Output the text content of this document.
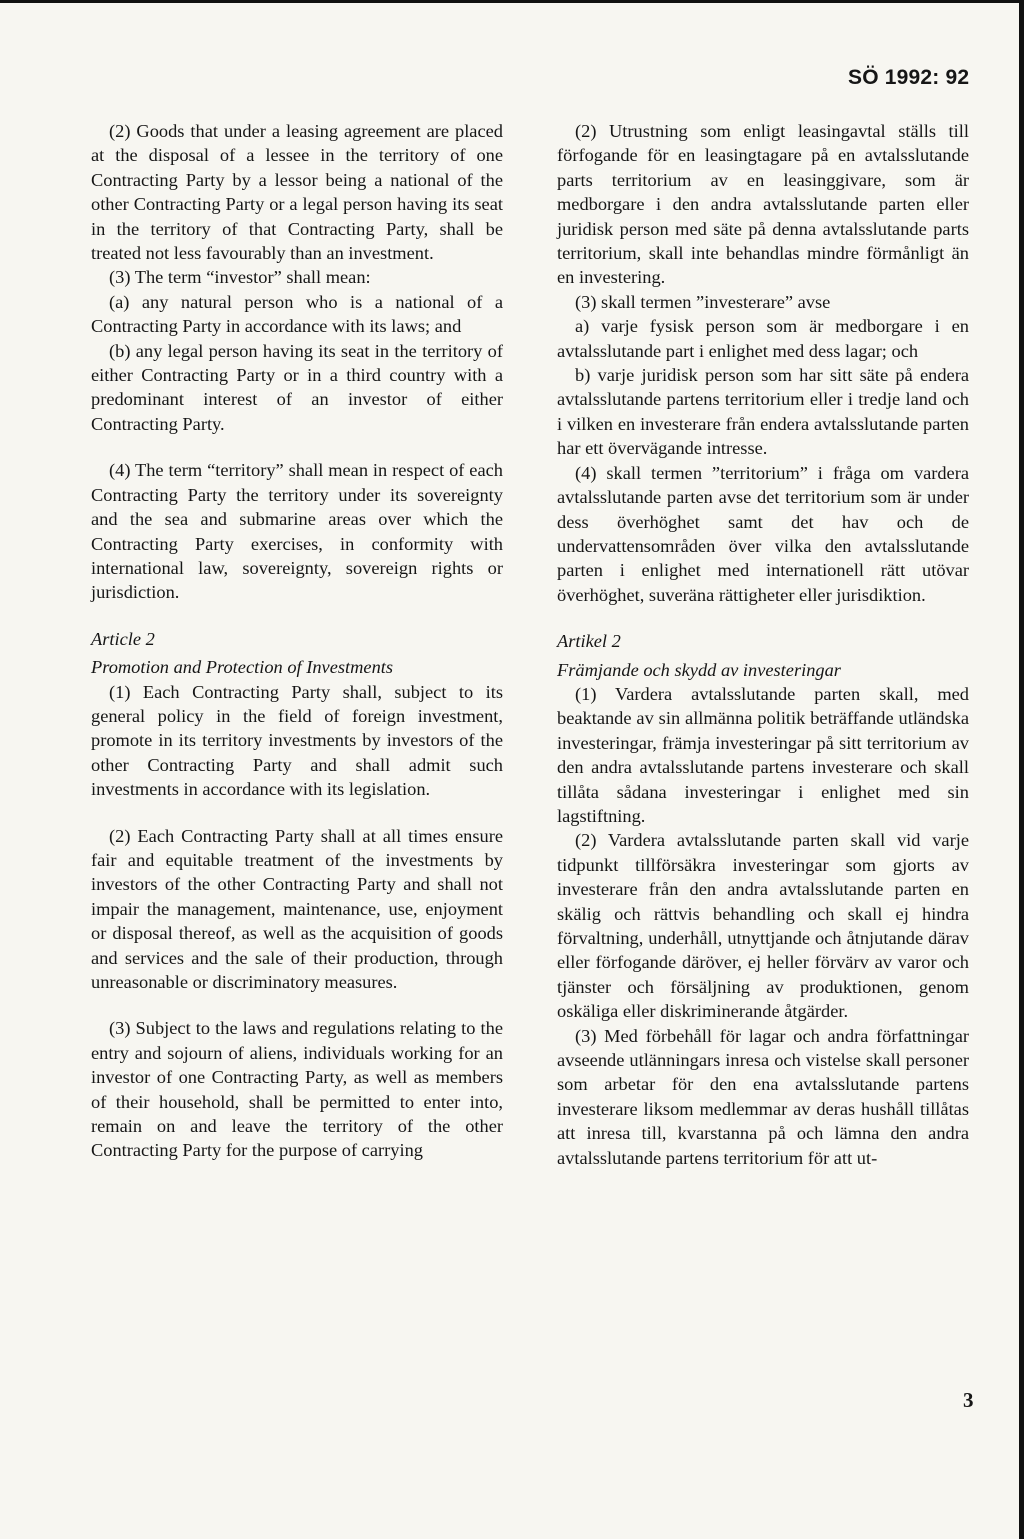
SÖ 1992: 92

(2) Goods that under a leasing agreement are placed at the disposal of a lessee in the territory of one Contracting Party by a lessor being a national of the other Contracting Party or a legal person having its seat in the territory of that Contracting Party, shall be treated not less favourably than an investment.

(3) The term “investor” shall mean:

(a) any natural person who is a national of a Contracting Party in accordance with its laws; and

(b) any legal person having its seat in the territory of either Contracting Party or in a third country with a predominant interest of an investor of either Contracting Party.

(4) The term “territory” shall mean in respect of each Contracting Party the territory under its sovereignty and the sea and submarine areas over which the Contracting Party exercises, in conformity with international law, sovereignty, sovereign rights or jurisdiction.

Article 2

Promotion and Protection of Investments

(1) Each Contracting Party shall, subject to its general policy in the field of foreign investment, promote in its territory investments by investors of the other Contracting Party and shall admit such investments in accordance with its legislation.

(2) Each Contracting Party shall at all times ensure fair and equitable treatment of the investments by investors of the other Contracting Party and shall not impair the management, maintenance, use, enjoyment or disposal thereof, as well as the acquisition of goods and services and the sale of their production, through unreasonable or discriminatory measures.

(3) Subject to the laws and regulations relating to the entry and sojourn of aliens, individuals working for an investor of one Contracting Party, as well as members of their household, shall be permitted to enter into, remain on and leave the territory of the other Contracting Party for the purpose of carrying

(2) Utrustning som enligt leasingavtal ställs till förfogande för en leasingtagare på en avtalsslutande parts territorium av en leasinggivare, som är medborgare i den andra avtalsslutande parten eller juridisk person med säte på denna avtalsslutande parts territorium, skall inte behandlas mindre förmånligt än en investering.

(3) skall termen ”investerare” avse

a) varje fysisk person som är medborgare i en avtalsslutande part i enlighet med dess lagar; och

b) varje juridisk person som har sitt säte på endera avtalsslutande partens territorium eller i tredje land och i vilken en investerare från endera avtalsslutande parten har ett övervägande intresse.

(4) skall termen ”territorium” i fråga om vardera avtalsslutande parten avse det territorium som är under dess överhöghet samt det hav och de undervattensområden över vilka den avtalsslutande parten i enlighet med internationell rätt utövar överhöghet, suveräna rättigheter eller jurisdiktion.

Artikel 2

Främjande och skydd av investeringar

(1) Vardera avtalsslutande parten skall, med beaktande av sin allmänna politik beträffande utländska investeringar, främja investeringar på sitt territorium av den andra avtalsslutande partens investerare och skall tillåta sådana investeringar i enlighet med sin lagstiftning.

(2) Vardera avtalsslutande parten skall vid varje tidpunkt tillförsäkra investeringar som gjorts av investerare från den andra avtalsslutande parten en skälig och rättvis behandling och skall ej hindra förvaltning, underhåll, utnyttjande och åtnjutande därav eller förfogande däröver, ej heller förvärv av varor och tjänster och försäljning av produktionen, genom oskäliga eller diskriminerande åtgärder.

(3) Med förbehåll för lagar och andra författningar avseende utlänningars inresa och vistelse skall personer som arbetar för den ena avtalsslutande partens investerare liksom medlemmar av deras hushåll tillåtas att inresa till, kvarstanna på och lämna den andra avtalsslutande partens territorium för att ut-

3
